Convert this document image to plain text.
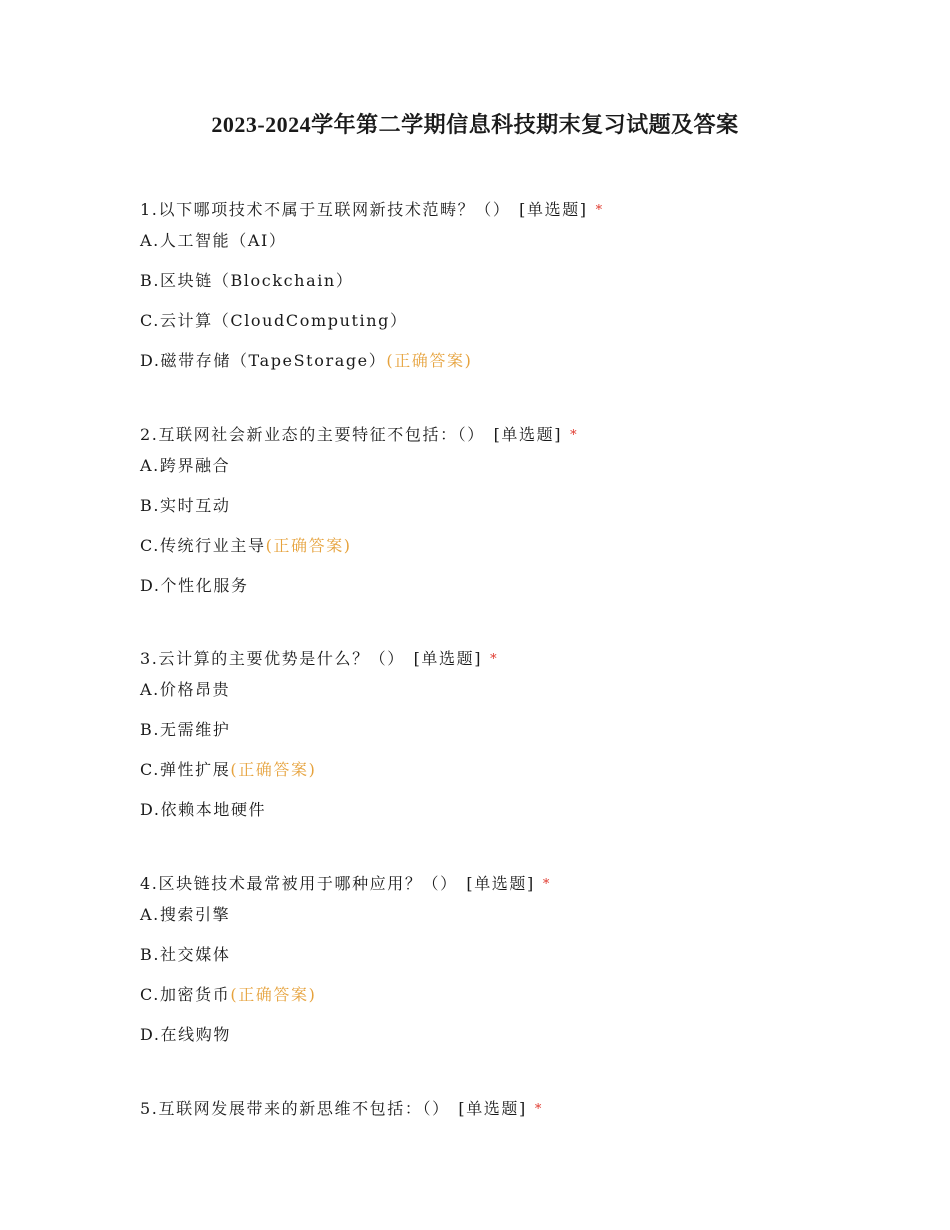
2023-2024学年第二学期信息科技期末复习试题及答案
1.以下哪项技术不属于互联网新技术范畴？（） [单选题] *
A.人工智能（AI）
B.区块链（Blockchain）
C.云计算（CloudComputing）
D.磁带存储（TapeStorage）(正确答案)
2.互联网社会新业态的主要特征不包括：（） [单选题] *
A.跨界融合
B.实时互动
C.传统行业主导(正确答案)
D.个性化服务
3.云计算的主要优势是什么？（） [单选题] *
A.价格昂贵
B.无需维护
C.弹性扩展(正确答案)
D.依赖本地硬件
4.区块链技术最常被用于哪种应用？（） [单选题] *
A.搜索引擎
B.社交媒体
C.加密货币(正确答案)
D.在线购物
5.互联网发展带来的新思维不包括：（） [单选题] *
